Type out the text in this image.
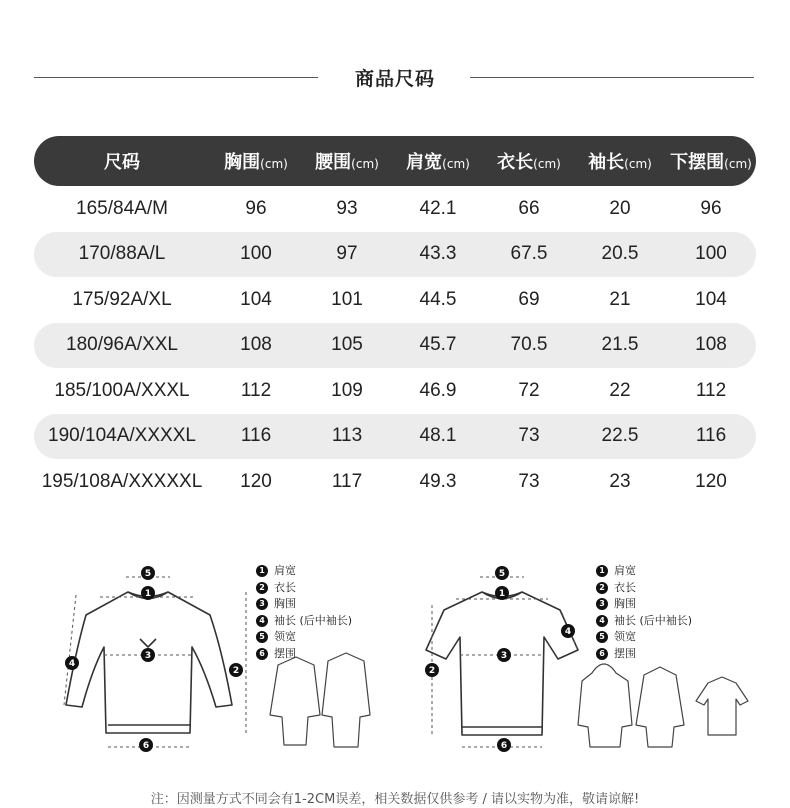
商品尺码
尺码	胸围(cm)	腰围(cm)	肩宽(cm)	衣长(cm)	袖长(cm)	下摆围(cm)
165/84A/M	96	93	42.1	66	20	96
170/88A/L	100	97	43.3	67.5	20.5	100
175/92A/XL	104	101	44.5	69	21	104
180/96A/XXL	108	105	45.7	70.5	21.5	108
185/100A/XXXL	112	109	46.9	72	22	112
190/104A/XXXXL	116	113	48.1	73	22.5	116
195/108A/XXXXXL	120	117	49.3	73	23	120
5
1
3
6
2
4
5
1
3
6
2
4
1 肩宽
2 衣长
3 胸围
4 袖长 (后中袖长)
5 领宽
6 摆围
1 肩宽
2 衣长
3 胸围
4 袖长 (后中袖长)
5 领宽
6 摆围
注：因测量方式不同会有1-2CM误差，相关数据仅供参考 / 请以实物为准，敬请谅解!
